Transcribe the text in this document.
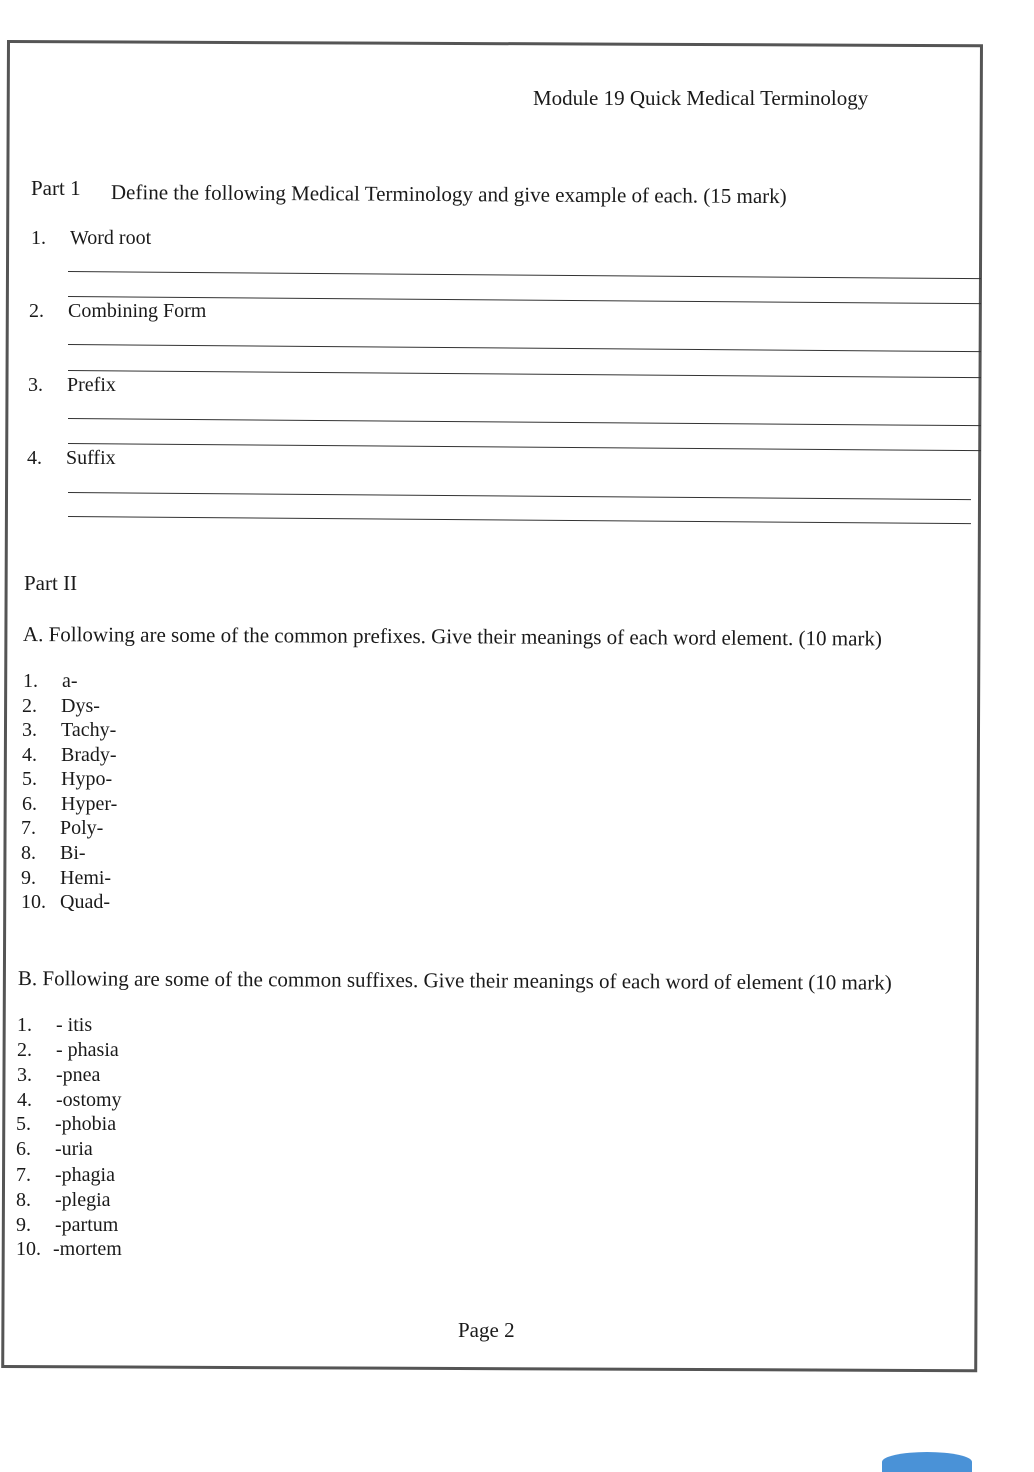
Module 19 Quick Medical Terminology
Part 1 Define the following Medical Terminology and give example of each. (15 mark)
1. Word root
2. Combining Form
3. Prefix
4. Suffix
Part II
A. Following are some of the common prefixes. Give their meanings of each word element. (10 mark)
1. a-
2. Dys-
3. Tachy-
4. Brady-
5. Hypo-
6. Hyper-
7. Poly-
8. Bi-
9. Hemi-
10. Quad-
B. Following are some of the common suffixes. Give their meanings of each word of element (10 mark)
1. - itis
2. - phasia
3. -pnea
4. -ostomy
5. -phobia
6. -uria
7. -phagia
8. -plegia
9. -partum
10. -mortem
Page 2
